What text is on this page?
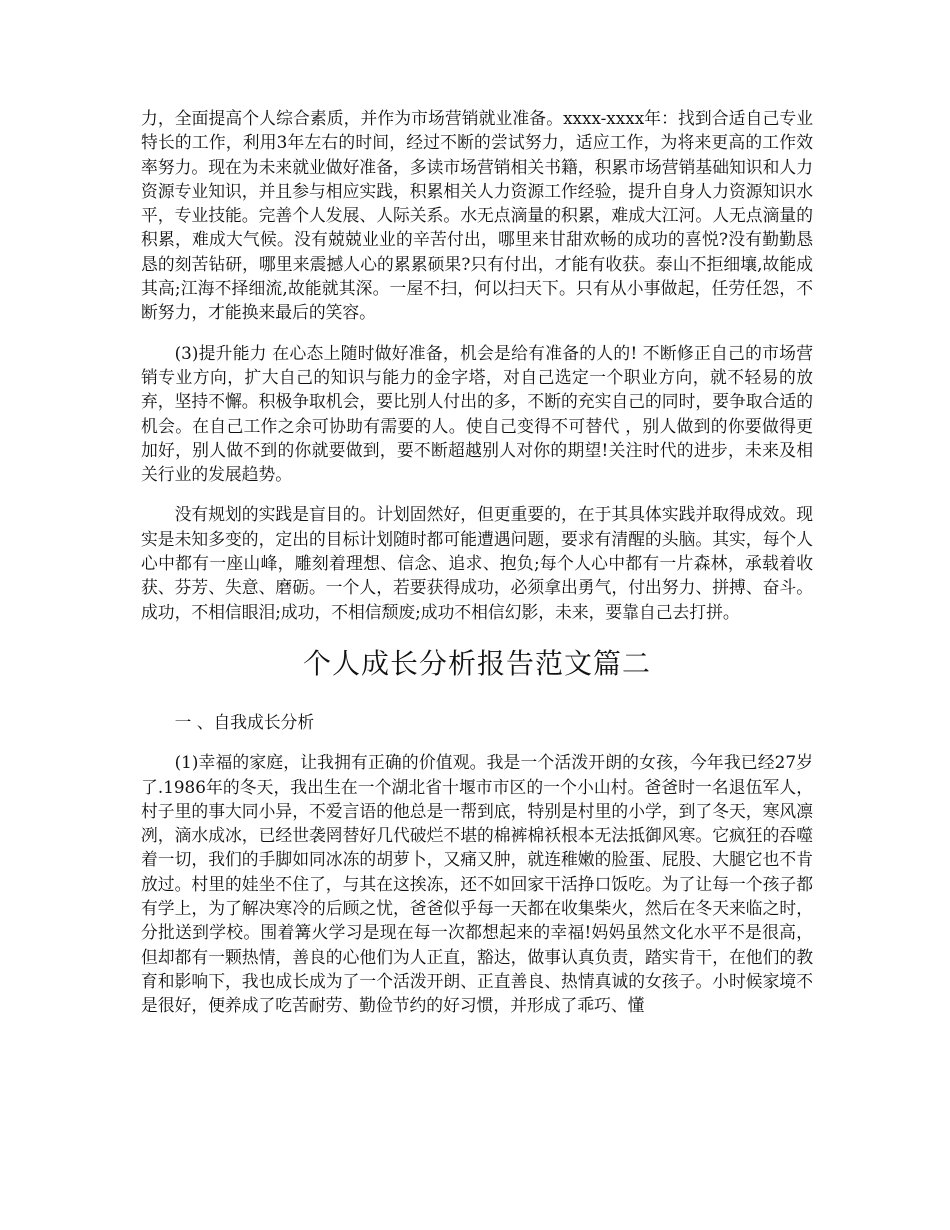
力，全面提高个人综合素质，并作为市场营销就业准备。xxxx-xxxx年：找到合适自己专业特长的工作，利用3年左右的时间，经过不断的尝试努力，适应工作，为将来更高的工作效率努力。现在为未来就业做好准备，多读市场营销相关书籍，积累市场营销基础知识和人力资源专业知识，并且参与相应实践，积累相关人力资源工作经验，提升自身人力资源知识水平，专业技能。完善个人发展、人际关系。水无点滴量的积累，难成大江河。人无点滴量的积累，难成大气候。没有兢兢业业的辛苦付出，哪里来甘甜欢畅的成功的喜悦?没有勤勤恳恳的刻苦钻研，哪里来震撼人心的累累硕果?只有付出，才能有收获。泰山不拒细壤,故能成其高;江海不择细流,故能就其深。一屋不扫，何以扫天下。只有从小事做起，任劳任怨，不断努力，才能换来最后的笑容。

(3)提升能力 在心态上随时做好准备，机会是给有准备的人的! 不断修正自己的市场营销专业方向，扩大自己的知识与能力的金字塔，对自己选定一个职业方向，就不轻易的放弃，坚持不懈。积极争取机会，要比别人付出的多，不断的充实自己的同时，要争取合适的机会。在自己工作之余可协助有需要的人。使自己变得不可替代 ，别人做到的你要做得更加好，别人做不到的你就要做到，要不断超越别人对你的期望!关注时代的进步，未来及相关行业的发展趋势。

没有规划的实践是盲目的。计划固然好，但更重要的，在于其具体实践并取得成效。现实是未知多变的，定出的目标计划随时都可能遭遇问题，要求有清醒的头脑。其实，每个人心中都有一座山峰，雕刻着理想、信念、追求、抱负;每个人心中都有一片森林，承载着收获、芬芳、失意、磨砺。一个人，若要获得成功，必须拿出勇气，付出努力、拼搏、奋斗。成功，不相信眼泪;成功，不相信颓废;成功不相信幻影，未来，要靠自己去打拼。

个人成长分析报告范文篇二

一 、自我成长分析

(1)幸福的家庭，让我拥有正确的价值观。我是一个活泼开朗的女孩，今年我已经27岁了.1986年的冬天，我出生在一个湖北省十堰市市区的一个小山村。爸爸时一名退伍军人，村子里的事大同小异，不爱言语的他总是一帮到底，特别是村里的小学，到了冬天，寒风凛冽，滴水成冰，已经世袭罔替好几代破烂不堪的棉裤棉袄根本无法抵御风寒。它疯狂的吞噬着一切，我们的手脚如同冰冻的胡萝卜，又痛又肿，就连稚嫩的脸蛋、屁股、大腿它也不肯放过。村里的娃坐不住了，与其在这挨冻，还不如回家干活挣口饭吃。为了让每一个孩子都有学上，为了解决寒冷的后顾之忧，爸爸似乎每一天都在收集柴火，然后在冬天来临之时，分批送到学校。围着篝火学习是现在每一次都想起来的幸福!妈妈虽然文化水平不是很高，但却都有一颗热情，善良的心他们为人正直，豁达，做事认真负责，踏实肯干，在他们的教育和影响下，我也成长成为了一个活泼开朗、正直善良、热情真诚的女孩子。小时候家境不是很好，便养成了吃苦耐劳、勤俭节约的好习惯，并形成了乖巧、懂
